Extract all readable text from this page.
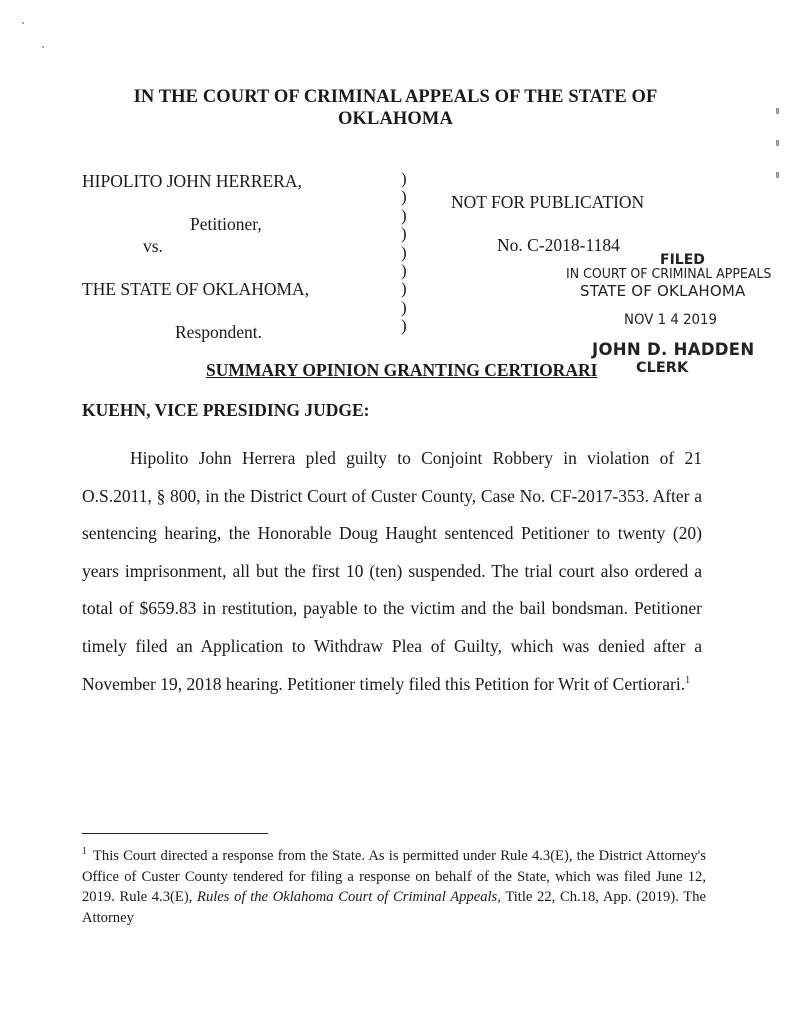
IN THE COURT OF CRIMINAL APPEALS OF THE STATE OF
OKLAHOMA
HIPOLITO JOHN HERRERA,
Petitioner,
vs.
THE STATE OF OKLAHOMA,
Respondent.
)
)
)
)
)
)
)
)
)
NOT FOR PUBLICATION
No. C-2018-1184
FILED
IN COURT OF CRIMINAL APPEALS
STATE OF OKLAHOMA
NOV 1 4 2019
JOHN D. HADDEN
CLERK
SUMMARY OPINION GRANTING CERTIORARI
KUEHN, VICE PRESIDING JUDGE:

Hipolito John Herrera pled guilty to Conjoint Robbery in violation of 21 O.S.2011, § 800, in the District Court of Custer County, Case No. CF-2017-353. After a sentencing hearing, the Honorable Doug Haught sentenced Petitioner to twenty (20) years imprisonment, all but the first 10 (ten) suspended. The trial court also ordered a total of $659.83 in restitution, payable to the victim and the bail bondsman. Petitioner timely filed an Application to Withdraw Plea of Guilty, which was denied after a November 19, 2018 hearing. Petitioner timely filed this Petition for Writ of Certiorari.$^1$

$^1$ This Court directed a response from the State. As is permitted under Rule 4.3(E), the District Attorney's Office of Custer County tendered for filing a response on behalf of the State, which was filed June 12, 2019. Rule 4.3(E), Rules of the Oklahoma Court of Criminal Appeals, Title 22, Ch.18, App. (2019). The Attorney
